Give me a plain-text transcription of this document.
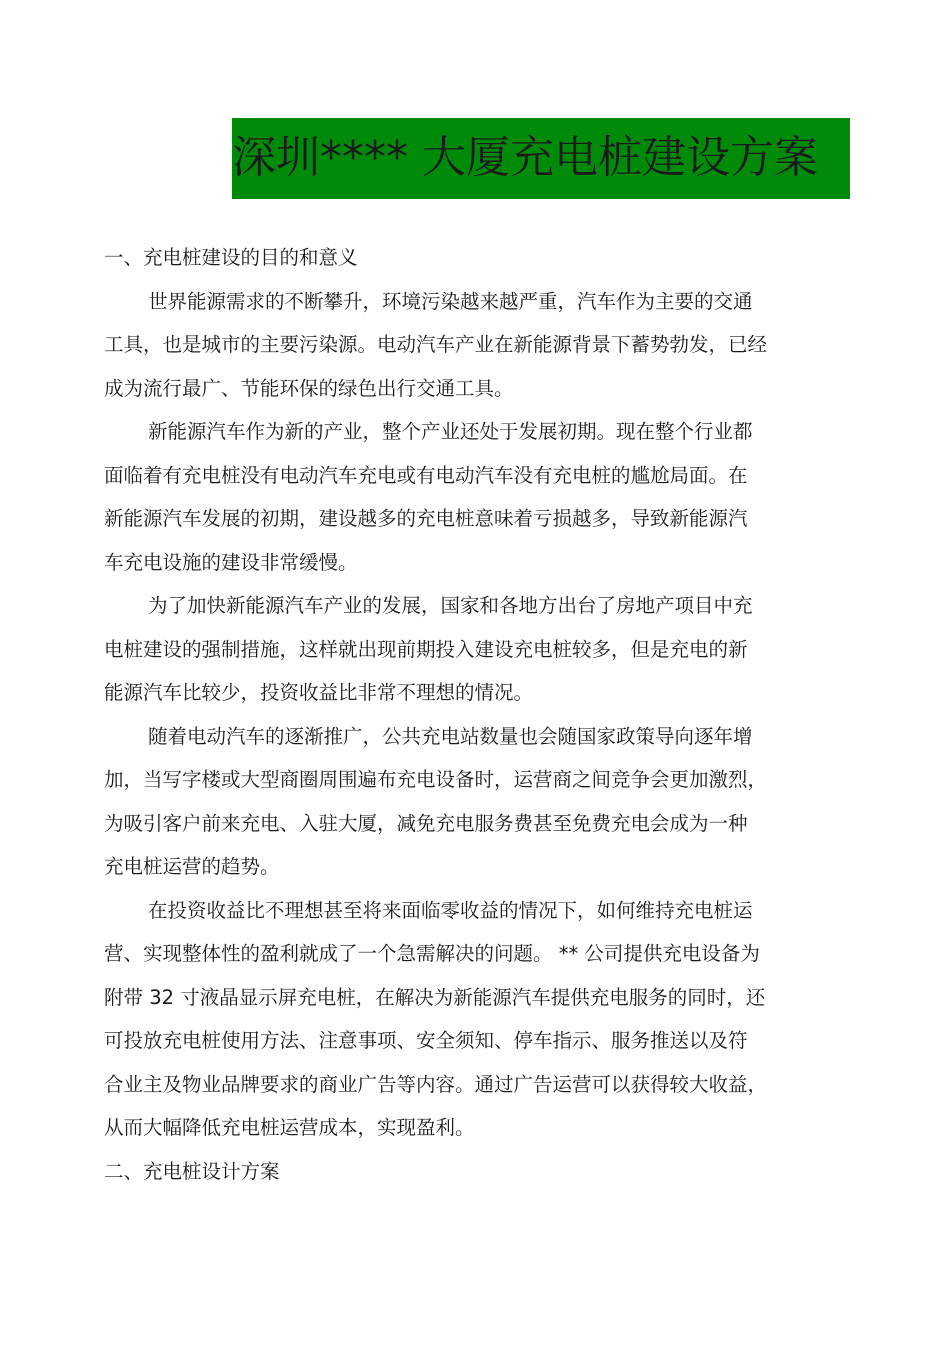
深圳**** 大厦充电桩建设方案
一、充电桩建设的目的和意义
世界能源需求的不断攀升，环境污染越来越严重，汽车作为主要的交通
工具，也是城市的主要污染源。电动汽车产业在新能源背景下蓄势勃发，已经
成为流行最广、节能环保的绿色出行交通工具。
新能源汽车作为新的产业，整个产业还处于发展初期。现在整个行业都
面临着有充电桩没有电动汽车充电或有电动汽车没有充电桩的尴尬局面。在
新能源汽车发展的初期，建设越多的充电桩意味着亏损越多，导致新能源汽
车充电设施的建设非常缓慢。
为了加快新能源汽车产业的发展，国家和各地方出台了房地产项目中充
电桩建设的强制措施，这样就出现前期投入建设充电桩较多，但是充电的新
能源汽车比较少，投资收益比非常不理想的情况。
随着电动汽车的逐渐推广，公共充电站数量也会随国家政策导向逐年增
加，当写字楼或大型商圈周围遍布充电设备时，运营商之间竞争会更加激烈，
为吸引客户前来充电、入驻大厦，减免充电服务费甚至免费充电会成为一种
充电桩运营的趋势。
在投资收益比不理想甚至将来面临零收益的情况下，如何维持充电桩运
营、实现整体性的盈利就成了一个急需解决的问题。 ** 公司提供充电设备为
附带 32 寸液晶显示屏充电桩，在解决为新能源汽车提供充电服务的同时，还
可投放充电桩使用方法、注意事项、安全须知、停车指示、服务推送以及符
合业主及物业品牌要求的商业广告等内容。通过广告运营可以获得较大收益，
从而大幅降低充电桩运营成本，实现盈利。
二、充电桩设计方案
